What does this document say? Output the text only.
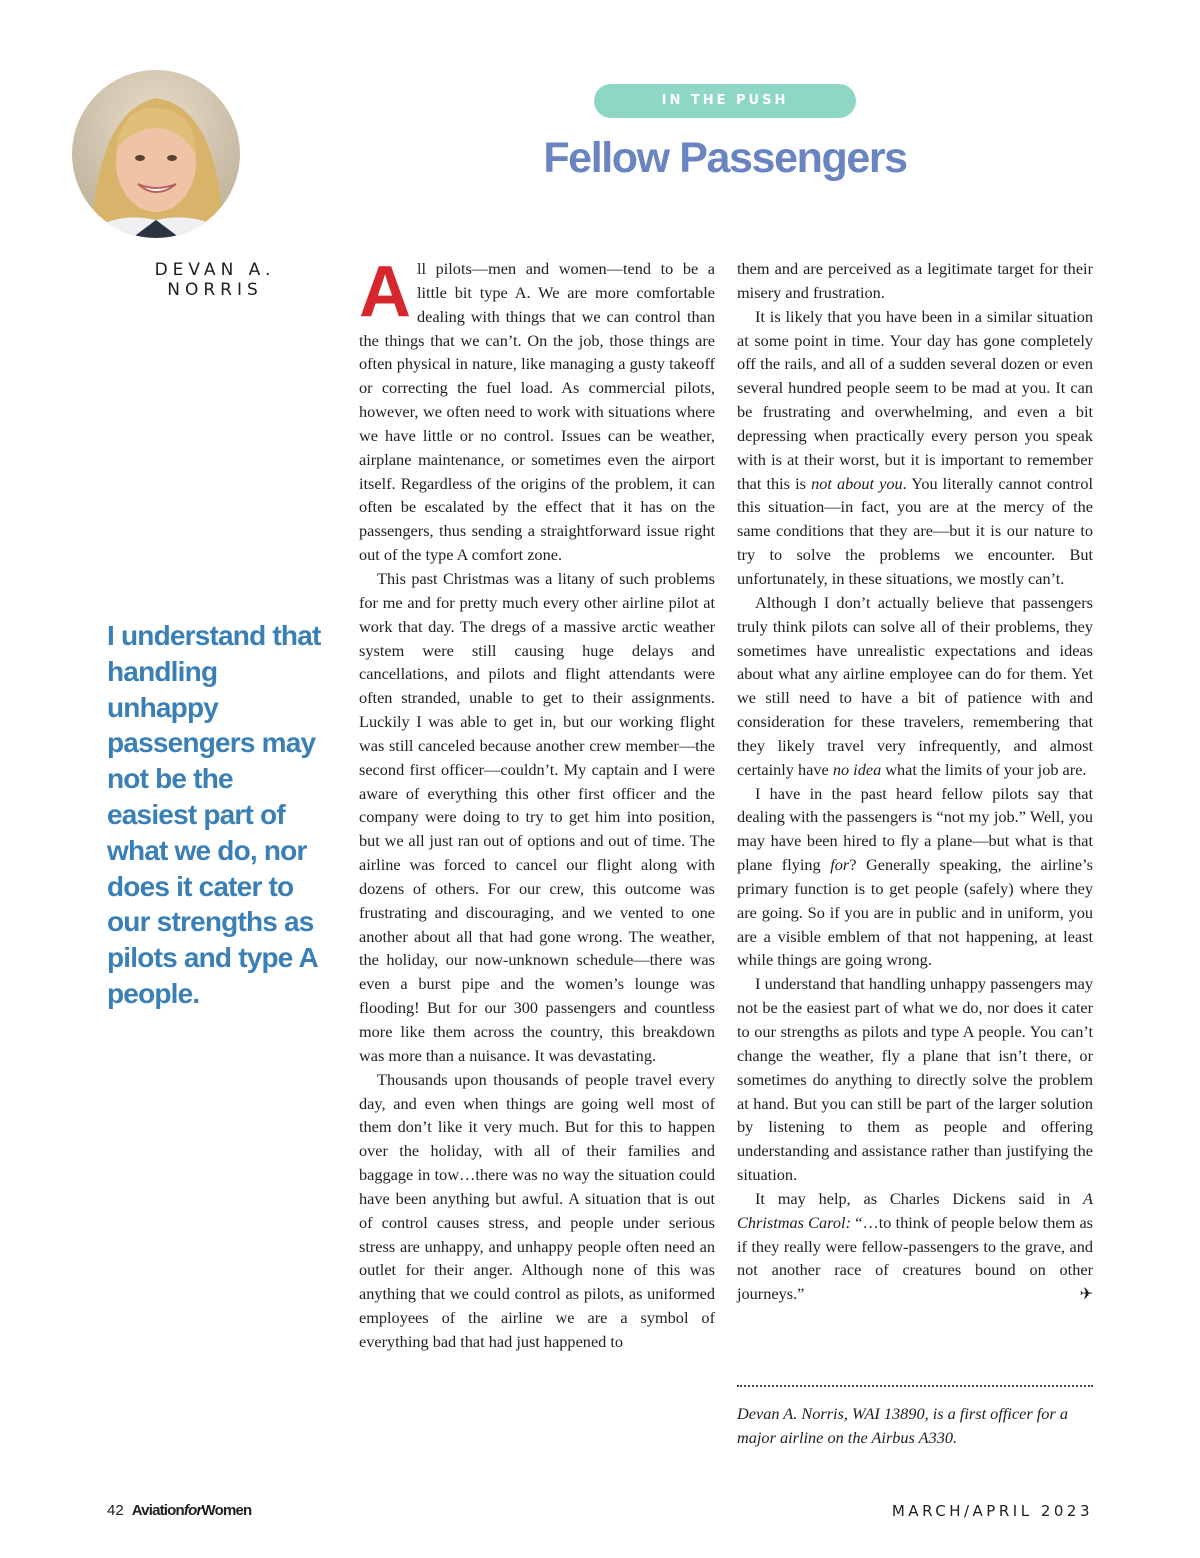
DEVAN A. NORRIS
IN THE PUSH
Fellow Passengers

I understand that handling unhappy passengers may not be the easiest part of what we do, nor does it cater to our strengths as pilots and type A people.

All pilots—men and women—tend to be a little bit type A. We are more comfortable dealing with things that we can control than the things that we can’t. On the job, those things are often physical in nature, like managing a gusty takeoff or correcting the fuel load. As commercial pilots, however, we often need to work with situations where we have little or no control. Issues can be weather, airplane maintenance, or sometimes even the airport itself. Regardless of the origins of the problem, it can often be escalated by the effect that it has on the passengers, thus sending a straightforward issue right out of the type A comfort zone.

This past Christmas was a litany of such problems for me and for pretty much every other airline pilot at work that day. The dregs of a massive arctic weather system were still causing huge delays and cancellations, and pilots and flight attendants were often stranded, unable to get to their assignments. Luckily I was able to get in, but our working flight was still canceled because another crew member—the second first officer—couldn’t. My captain and I were aware of everything this other first officer and the company were doing to try to get him into position, but we all just ran out of options and out of time. The airline was forced to cancel our flight along with dozens of others. For our crew, this outcome was frustrating and discouraging, and we vented to one another about all that had gone wrong. The weather, the holiday, our now-unknown schedule—there was even a burst pipe and the women’s lounge was flooding! But for our 300 passengers and countless more like them across the country, this breakdown was more than a nuisance. It was devastating.

Thousands upon thousands of people travel every day, and even when things are going well most of them don’t like it very much. But for this to happen over the holiday, with all of their families and baggage in tow…there was no way the situation could have been anything but awful. A situation that is out of control causes stress, and people under serious stress are unhappy, and unhappy people often need an outlet for their anger. Although none of this was anything that we could control as pilots, as uniformed employees of the airline we are a symbol of everything bad that had just happened to

them and are perceived as a legitimate target for their misery and frustration.

It is likely that you have been in a similar situation at some point in time. Your day has gone completely off the rails, and all of a sudden several dozen or even several hundred people seem to be mad at you. It can be frustrating and overwhelming, and even a bit depressing when practically every person you speak with is at their worst, but it is important to remember that this is not about you. You literally cannot control this situation—in fact, you are at the mercy of the same conditions that they are—but it is our nature to try to solve the problems we encounter. But unfortunately, in these situations, we mostly can’t.

Although I don’t actually believe that passengers truly think pilots can solve all of their problems, they sometimes have unrealistic expectations and ideas about what any airline employee can do for them. Yet we still need to have a bit of patience with and consideration for these travelers, remembering that they likely travel very infrequently, and almost certainly have no idea what the limits of your job are.

I have in the past heard fellow pilots say that dealing with the passengers is “not my job.” Well, you may have been hired to fly a plane—but what is that plane flying for? Generally speaking, the airline’s primary function is to get people (safely) where they are going. So if you are in public and in uniform, you are a visible emblem of that not happening, at least while things are going wrong.

I understand that handling unhappy passengers may not be the easiest part of what we do, nor does it cater to our strengths as pilots and type A people. You can’t change the weather, fly a plane that isn’t there, or sometimes do anything to directly solve the problem at hand. But you can still be part of the larger solution by listening to them as people and offering understanding and assistance rather than justifying the situation.

It may help, as Charles Dickens said in A Christmas Carol: “…to think of people below them as if they really were fellow-passengers to the grave, and not another race of creatures bound on other journeys.”	✈

Devan A. Norris, WAI 13890, is a first officer for a major airline on the Airbus A330.

42 AviationforWomen	MARCH/APRIL 2023
